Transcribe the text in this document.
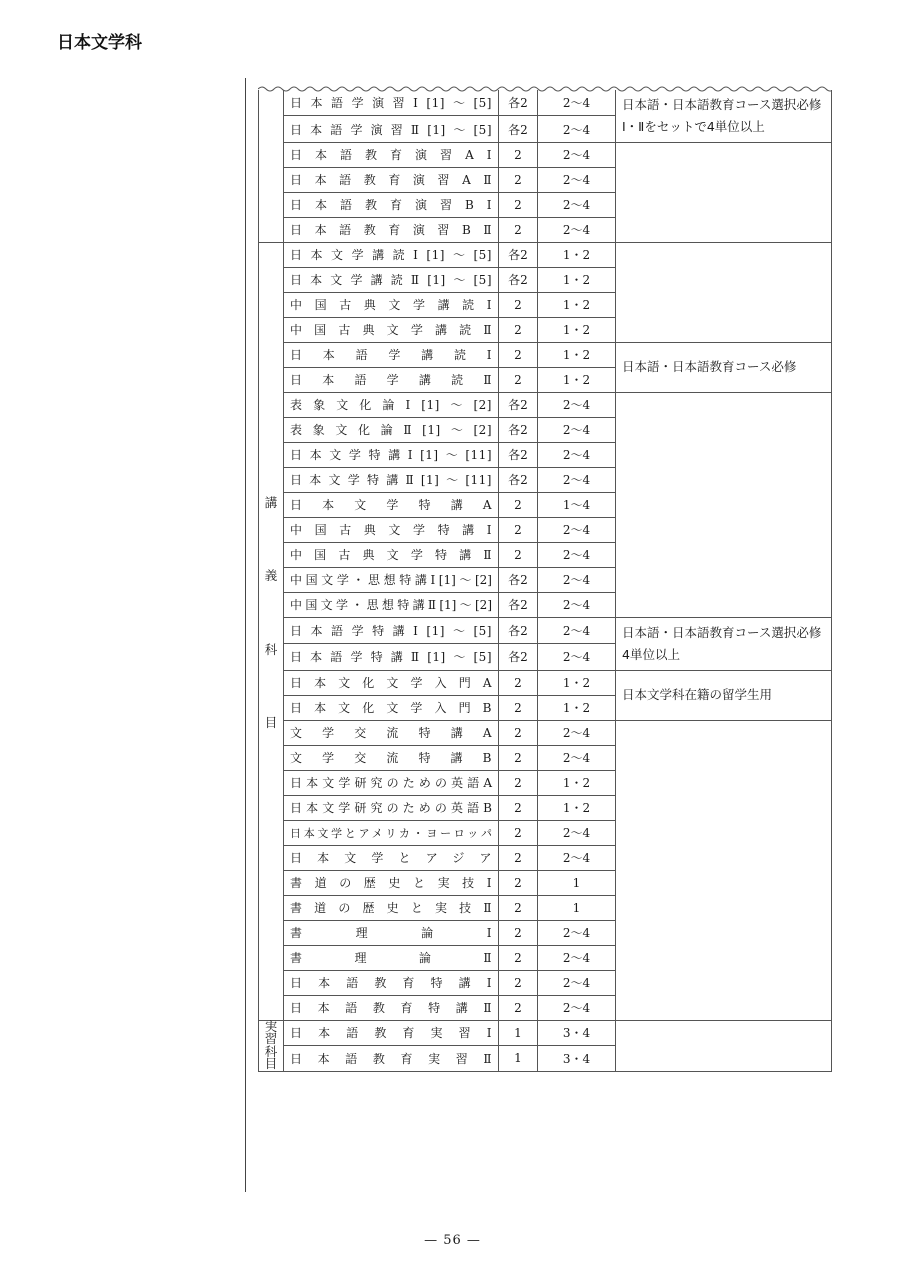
日本文学科
	日本語学演習Ⅰ[1]～[5]	各2	2～4	日本語・日本語教育コース選択必修Ⅰ・Ⅱをセットで4単位以上
	日本語学演習Ⅱ[1]～[5]	各2	2～4	
	日本語教育演習AⅠ	2	2～4	
	日本語教育演習AⅡ	2	2～4	
	日本語教育演習BⅠ	2	2～4	
	日本語教育演習BⅡ	2	2～4	

講
義
科
目	日本文学講読Ⅰ[1]～[5]	各2	1・2	
	日本文学講読Ⅱ[1]～[5]	各2	1・2	
	中国古典文学講読Ⅰ	2	1・2	
	中国古典文学講読Ⅱ	2	1・2	
	日本語学講読Ⅰ	2	1・2	日本語・日本語教育コース必修
	日本語学講読Ⅱ	2	1・2	
	表象文化論Ⅰ[1]～[2]	各2	2～4	
	表象文化論Ⅱ[1]～[2]	各2	2～4	
	日本文学特講Ⅰ[1]～[11]	各2	2～4	
	日本文学特講Ⅱ[1]～[11]	各2	2～4	
	日本文学特講A	2	1～4	
	中国古典文学特講Ⅰ	2	2～4	
	中国古典文学特講Ⅱ	2	2～4	
	中国文学・思想特講Ⅰ[1]～[2]	各2	2～4	
	中国文学・思想特講Ⅱ[1]～[2]	各2	2～4	
	日本語学特講Ⅰ[1]～[5]	各2	2～4	日本語・日本語教育コース選択必修4単位以上
	日本語学特講Ⅱ[1]～[5]	各2	2～4	
	日本文化文学入門A	2	1・2	日本文学科在籍の留学生用
	日本文化文学入門B	2	1・2	
	文学交流特講A	2	2～4	
	文学交流特講B	2	2～4	
	日本文学研究のための英語A	2	1・2	
	日本文学研究のための英語B	2	1・2	
	日本文学とアメリカ・ヨーロッパ	2	2～4	
	日本文学とアジア	2	2～4	
	書道の歴史と実技Ⅰ	2	1	
	書道の歴史と実技Ⅱ	2	1	
	書理論Ⅰ	2	2～4	
	書理論Ⅱ	2	2～4	
	日本語教育特講Ⅰ	2	2～4	
	日本語教育特講Ⅱ	2	2～4	

実
習
科
目	日本語教育実習Ⅰ	1	3・4	
	日本語教育実習Ⅱ	1	3・4	
— 56 —
